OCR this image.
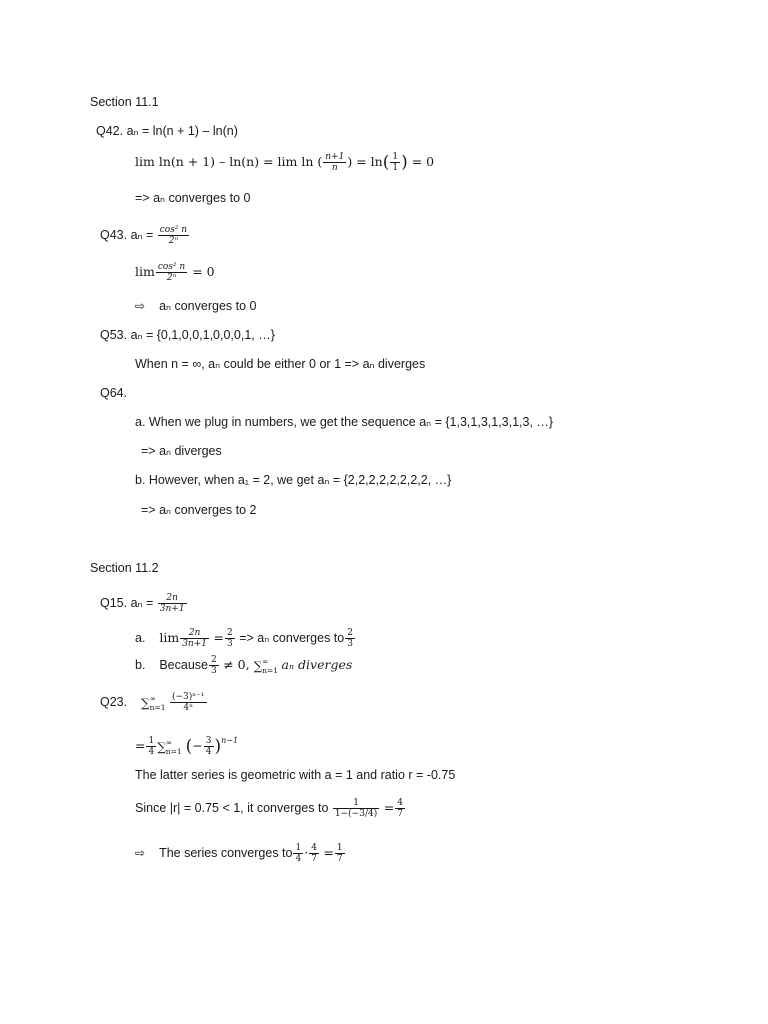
Section 11.1
Q42. aₙ = ln(n + 1) – ln(n)
lim ln(n + 1) – ln(n) = lim ln ( $\frac{n+1}{n}$ ) = $\ln( \frac{1}{1}$ ) = 0
=> aₙ converges to 0
Q43. $a_n = \frac{\text{cos² n}}{\text{2ⁿ}}$
$\lim \frac{\text{cos² n}}{\text{2ⁿ}} = 0$
⇨ aₙ converges to 0
Q53. aₙ = {0,1,0,0,1,0,0,0,1, …}
When n = ∞, aₙ could be either 0 or 1 => aₙ diverges
Q64.
a. When we plug in numbers, we get the sequence aₙ = {1,3,1,3,1,3,1,3, …}
=> aₙ diverges
b. However, when a₁ = 2, we get aₙ = {2,2,2,2,2,2,2,2, …}
=> aₙ converges to 2
Section 11.2
Q15. $a_n = \frac{2n}{3n+1}$
a. $\lim \frac{2n}{3n+1} = \frac{2}{3} => a_n$ converges to $\frac{2}{3}$
b. Because $\frac{2}{3} \ne 0$, ∑ ∞
n=1 aₙ diverges
Q23. ∑ ∞
n=1
$\frac{\text{(−3)ⁿ⁻¹}}{\text{4ⁿ}}$
= $\frac{1}{4}$ ∑ ∞
n=1 (− $\frac{3}{4} )^{n-1}$
The latter series is geometric with a = 1 and ratio r = -0.75
Since |r| = 0.75 < 1, it converges to $\frac{1}{1-(-3/4)} = \frac{4}{7}$
⇨ The series converges to $\frac{1}{4} \cdot \frac{4}{7} = \frac{1}{7}$
